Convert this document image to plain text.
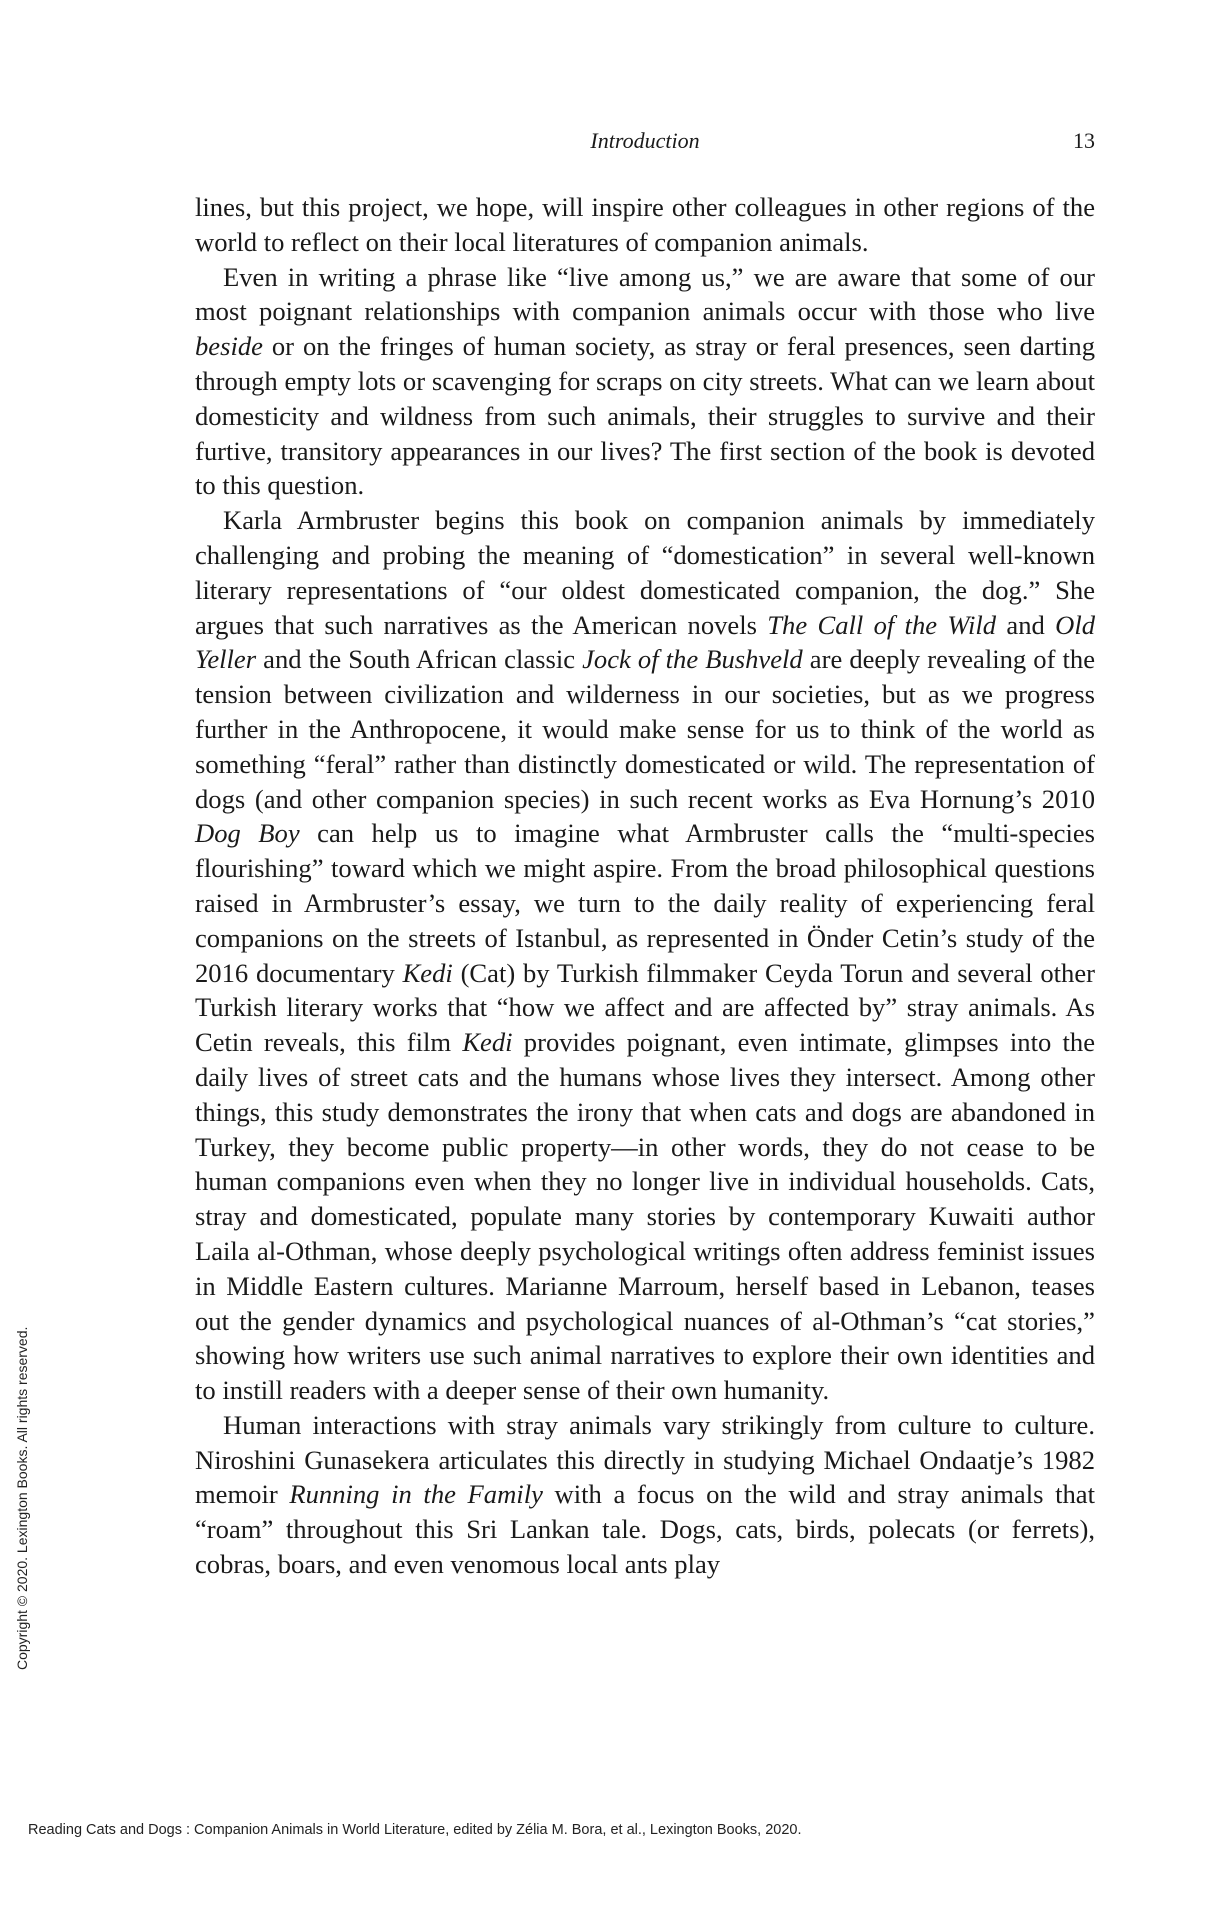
Introduction	13

lines, but this project, we hope, will inspire other colleagues in other regions of the world to reflect on their local literatures of companion animals.

Even in writing a phrase like “live among us,” we are aware that some of our most poignant relationships with companion animals occur with those who live beside or on the fringes of human society, as stray or feral presences, seen darting through empty lots or scavenging for scraps on city streets. What can we learn about domesticity and wildness from such animals, their struggles to survive and their furtive, transitory appearances in our lives? The first section of the book is devoted to this question.

Karla Armbruster begins this book on companion animals by immediately challenging and probing the meaning of “domestication” in several well-known literary representations of “our oldest domesticated companion, the dog.” She argues that such narratives as the American novels The Call of the Wild and Old Yeller and the South African classic Jock of the Bushveld are deeply revealing of the tension between civilization and wilderness in our societies, but as we progress further in the Anthropocene, it would make sense for us to think of the world as something “feral” rather than distinctly domesticated or wild. The representation of dogs (and other companion species) in such recent works as Eva Hornung’s 2010 Dog Boy can help us to imagine what Armbruster calls the “multi-species flourishing” toward which we might aspire. From the broad philosophical questions raised in Armbruster’s essay, we turn to the daily reality of experiencing feral companions on the streets of Istanbul, as represented in Önder Cetin’s study of the 2016 documentary Kedi (Cat) by Turkish filmmaker Ceyda Torun and several other Turkish literary works that “how we affect and are affected by” stray animals. As Cetin reveals, this film Kedi provides poignant, even intimate, glimpses into the daily lives of street cats and the humans whose lives they intersect. Among other things, this study demonstrates the irony that when cats and dogs are abandoned in Turkey, they become public property—in other words, they do not cease to be human companions even when they no longer live in individual households. Cats, stray and domesticated, populate many stories by contemporary Kuwaiti author Laila al-Othman, whose deeply psychological writings often address feminist issues in Middle Eastern cultures. Marianne Marroum, herself based in Lebanon, teases out the gender dynamics and psychological nuances of al-Othman’s “cat stories,” showing how writers use such animal narratives to explore their own identities and to instill readers with a deeper sense of their own humanity.

Human interactions with stray animals vary strikingly from culture to culture. Niroshini Gunasekera articulates this directly in studying Michael Ondaatje’s 1982 memoir Running in the Family with a focus on the wild and stray animals that “roam” throughout this Sri Lankan tale. Dogs, cats, birds, polecats (or ferrets), cobras, boars, and even venomous local ants play

Copyright © 2020. Lexington Books. All rights reserved.
Reading Cats and Dogs : Companion Animals in World Literature, edited by Zélia M. Bora, et al., Lexington Books, 2020.
